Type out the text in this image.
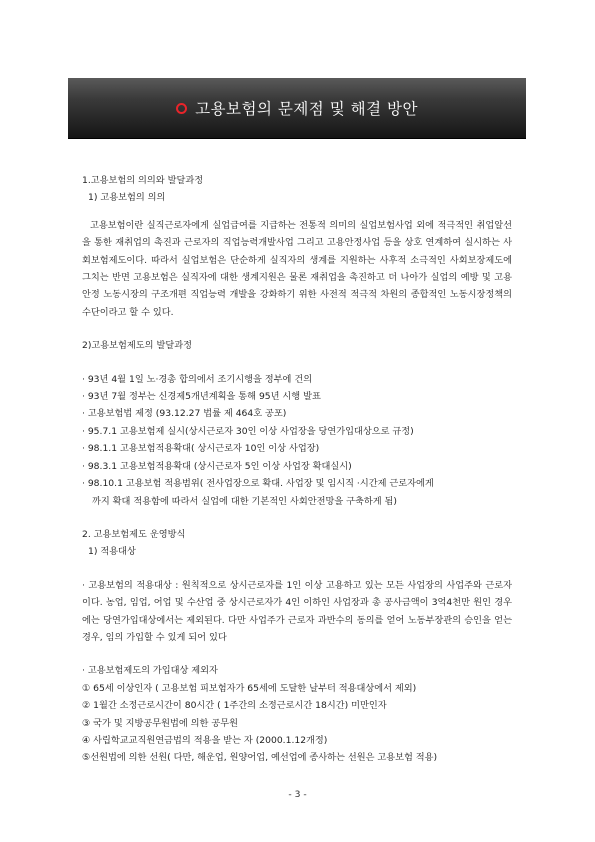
고용보험의 문제점 및 해결 방안

1.고용보험의 의의와 발달과정

1) 고용보험의 의의

고용보험이란 실직근로자에게 실업급여를 지급하는 전통적 의미의 실업보험사업 외에 적극적인 취업알선을 통한 재취업의 촉진과 근로자의 직업능력개발사업 그리고 고용안정사업 등을 상호 연계하여 실시하는 사회보험제도이다. 따라서 실업보험은 단순하게 실직자의 생계를 지원하는 사후적 소극적인 사회보장제도에 그치는 반면 고용보험은 실직자에 대한 생계지원은 물론 재취업을 촉진하고 더 나아가 실업의 예방 및 고용안정 노동시장의 구조개편 직업능력 개발을 강화하기 위한 사전적 적극적 차원의 종합적인 노동시장정책의 수단이라고 할 수 있다.

2)고용보험제도의 발달과정

· 93년 4월 1일 노·경총 합의에서 조기시행을 정부에 건의

· 93년 7월 정부는 신경제5개년계획을 통해 95년 시행 발표

· 고용보험법 제정 (93.12.27 법률 제 464호 공포)

· 95.7.1 고용보험제 실시(상시근로자 30인 이상 사업장을 당연가입대상으로 규정)

· 98.1.1 고용보험적용확대( 상시근로자 10인 이상 사업장)

· 98.3.1 고용보험적용확대 (상시근로자 5인 이상 사업장 확대실시)

· 98.10.1 고용보험 적용범위( 전사업장으로 확대. 사업장 및 임시직 ·시간제 근로자에게

까지 확대 적용함에 따라서 실업에 대한 기본적인 사회안전망을 구축하게 됨)

2. 고용보험제도 운영방식

1) 적용대상

· 고용보험의 적용대상 : 원칙적으로 상시근로자를 1인 이상 고용하고 있는 모든 사업장의 사업주와 근로자이다. 농업, 임업, 어업 및 수산업 중 상시근로자가 4인 이하인 사업장과 총 공사금액이 3억4천만 원인 경우에는 당연가입대상에서는 제외된다. 다만 사업주가 근로자 과반수의 동의를 얻어 노동부장관의 승인을 얻는 경우, 임의 가입할 수 있게 되어 있다

· 고용보험제도의 가입대상 제외자

① 65세 이상인자 ( 고용보험 피보험자가 65세에 도달한 날부터 적용대상에서 제외)

② 1월간 소정근로시간이 80시간 ( 1주간의 소정근로시간 18시간) 미만인자

③ 국가 및 지방공무원법에 의한 공무원

④ 사립학교교직원연금법의 적용을 받는 자 (2000.1.12개정)

⑤선원법에 의한 선원( 다만, 해운업, 원양어업, 예선업에 종사하는 선원은 고용보험 적용)

- 3 -
